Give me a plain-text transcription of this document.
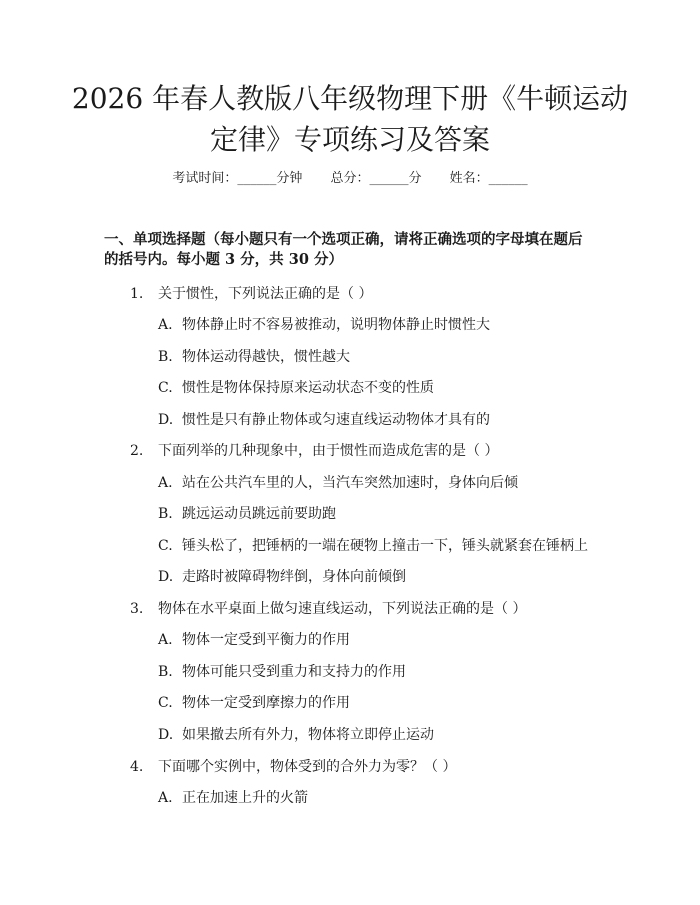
2026 年春人教版八年级物理下册《牛顿运动
定律》专项练习及答案
考试时间：______分钟 总分：______分 姓名：______
一、单项选择题（每小题只有一个选项正确，请将正确选项的字母填在题后的括号内。每小题 3 分，共 30 分）
1. 关于惯性，下列说法正确的是（ ）
A. 物体静止时不容易被推动，说明物体静止时惯性大
B. 物体运动得越快，惯性越大
C. 惯性是物体保持原来运动状态不变的性质
D. 惯性是只有静止物体或匀速直线运动物体才具有的
2. 下面列举的几种现象中，由于惯性而造成危害的是（ ）
A. 站在公共汽车里的人，当汽车突然加速时，身体向后倾
B. 跳远运动员跳远前要助跑
C. 锤头松了，把锤柄的一端在硬物上撞击一下，锤头就紧套在锤柄上
D. 走路时被障碍物绊倒，身体向前倾倒
3. 物体在水平桌面上做匀速直线运动，下列说法正确的是（ ）
A. 物体一定受到平衡力的作用
B. 物体可能只受到重力和支持力的作用
C. 物体一定受到摩擦力的作用
D. 如果撤去所有外力，物体将立即停止运动
4. 下面哪个实例中，物体受到的合外力为零？（ ）
A. 正在加速上升的火箭
